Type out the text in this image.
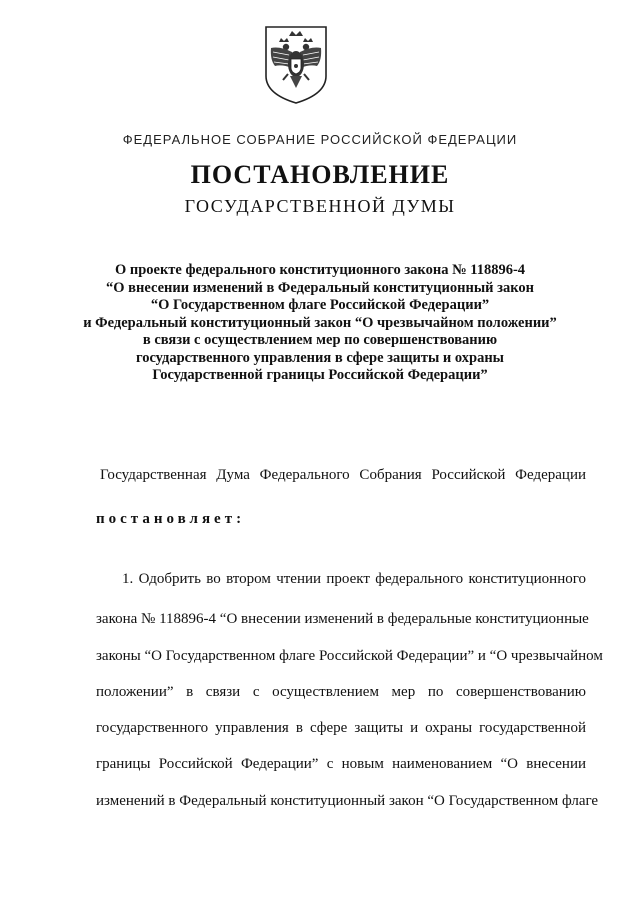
ФЕДЕРАЛЬНОЕ СОБРАНИЕ РОССИЙСКОЙ ФЕДЕРАЦИИ
ПОСТАНОВЛЕНИЕ
ГОСУДАРСТВЕННОЙ ДУМЫ
О проекте федерального конституционного закона № 118896-4
“О внесении изменений в Федеральный конституционный закон
“О Государственном флаге Российской Федерации”
и Федеральный конституционный закон “О чрезвычайном положении”
в связи с осуществлением мер по совершенствованию
государственного управления в сфере защиты и охраны
Государственной границы Российской Федерации”
Государственная Дума Федерального Собрания Российской Федерации
постановляет:
1. Одобрить во втором чтении проект федерального конституционного
закона № 118896-4 “О внесении изменений в федеральные конституционные
законы “О Государственном флаге Российской Федерации” и “О чрезвычайном
положении” в связи с осуществлением мер по совершенствованию
государственного управления в сфере защиты и охраны государственной
границы Российской Федерации” с новым наименованием “О внесении
изменений в Федеральный конституционный закон “О Государственном флаге
